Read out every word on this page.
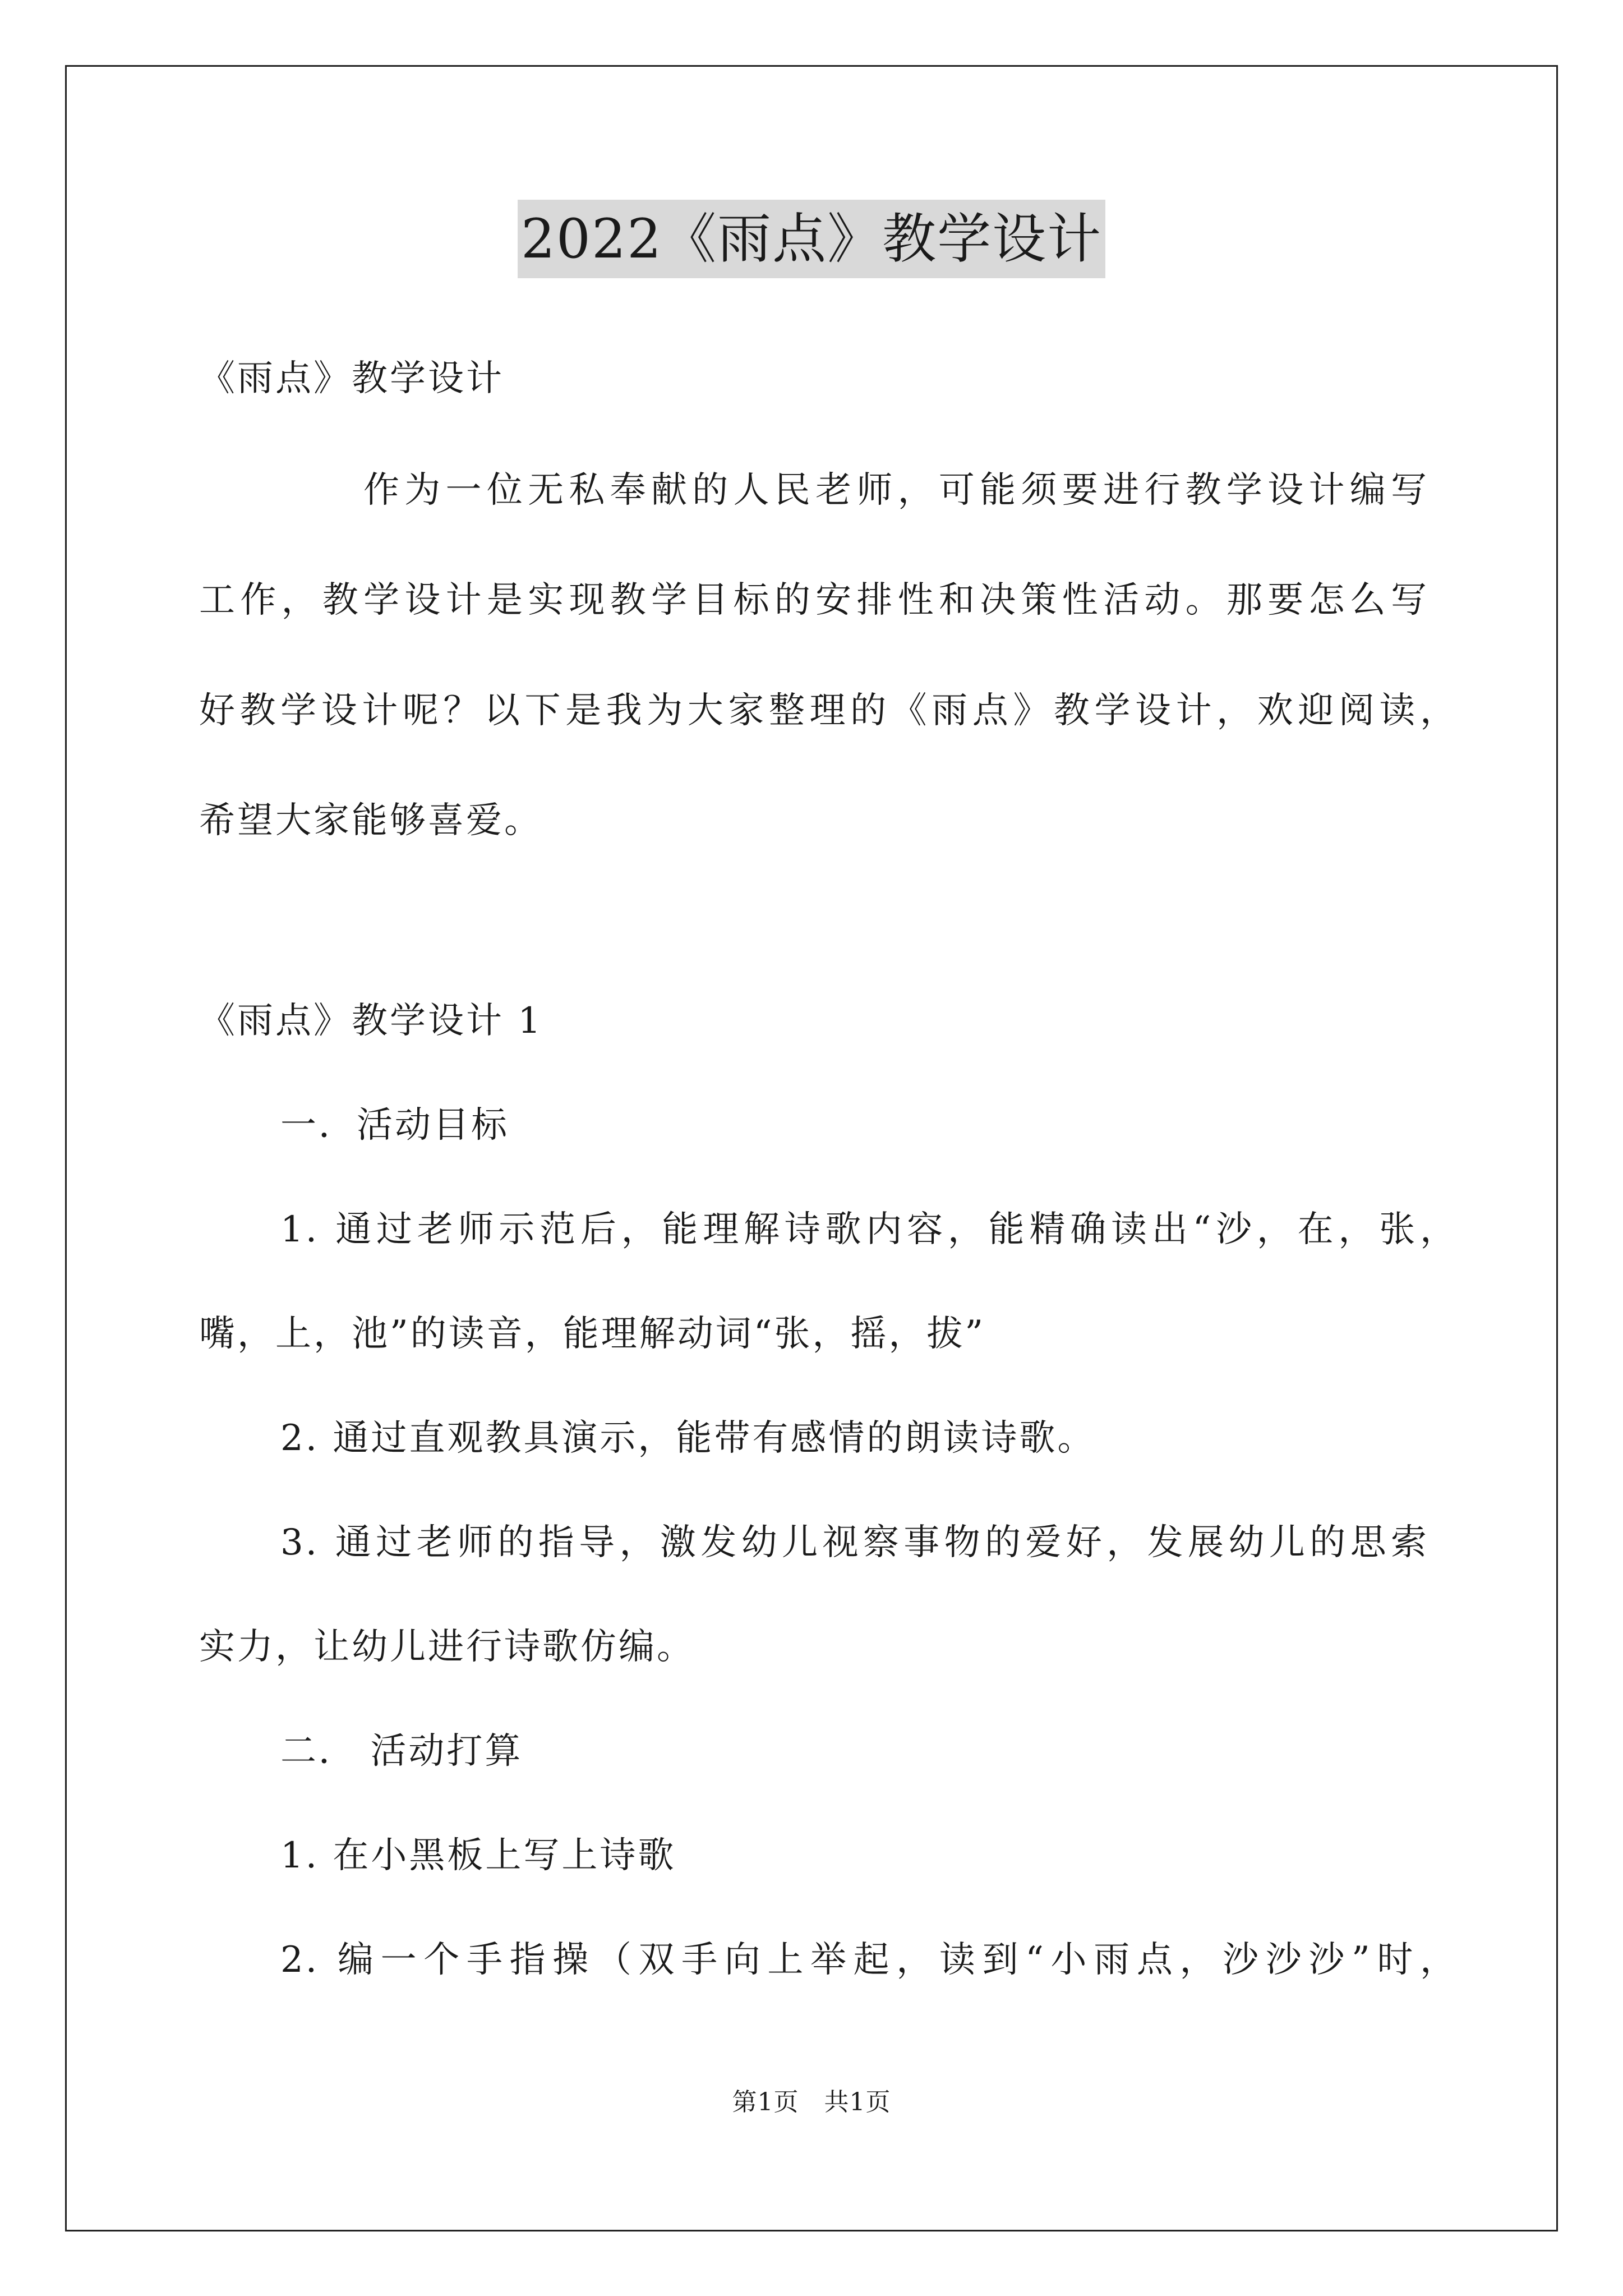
2022《雨点》教学设计
《雨点》教学设计
作为一位无私奉献的人民老师，可能须要进行教学设计编写
工作，教学设计是实现教学目标的安排性和决策性活动。那要怎么写
好教学设计呢？以下是我为大家整理的《雨点》教学设计，欢迎阅读，
希望大家能够喜爱。
《雨点》教学设计 1
一．活动目标
1. 通过老师示范后，能理解诗歌内容，能精确读出“沙，在，张，
嘴，上，池”的读音，能理解动词“张，摇，拔”
2. 通过直观教具演示，能带有感情的朗读诗歌。
3. 通过老师的指导，激发幼儿视察事物的爱好，发展幼儿的思索
实力，让幼儿进行诗歌仿编。
二． 活动打算
1. 在小黑板上写上诗歌
2. 编一个手指操（双手向上举起，读到“小雨点，沙沙沙”时，
第1页　共1页
